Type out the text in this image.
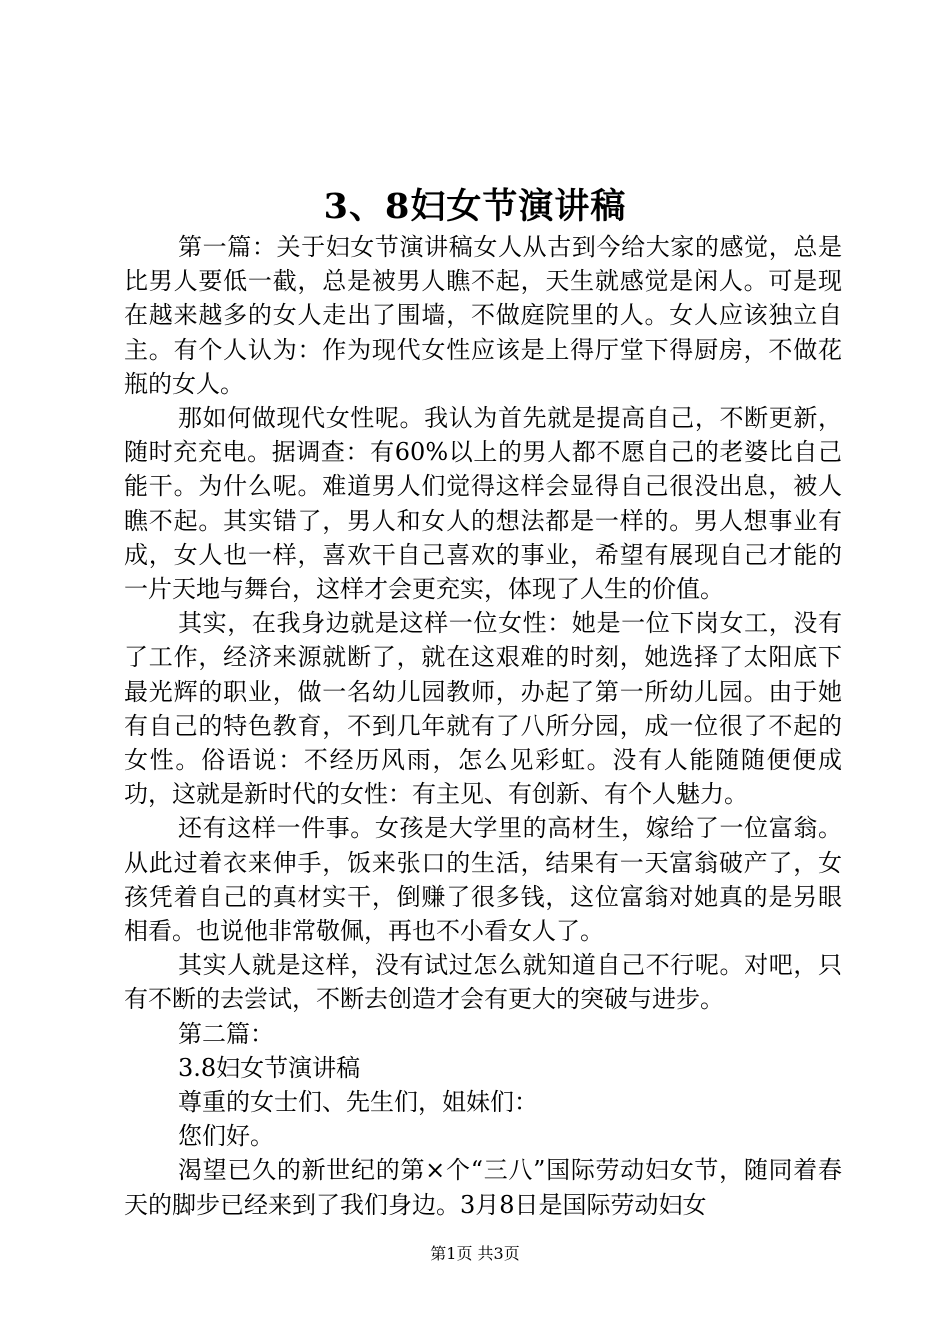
3、8妇女节演讲稿

第一篇：关于妇女节演讲稿女人从古到今给大家的感觉，总是比男人要低一截，总是被男人瞧不起，天生就感觉是闲人。可是现在越来越多的女人走出了围墙，不做庭院里的人。女人应该独立自主。有个人认为：作为现代女性应该是上得厅堂下得厨房，不做花瓶的女人。

那如何做现代女性呢。我认为首先就是提高自己，不断更新，随时充充电。据调查：有60%以上的男人都不愿自己的老婆比自己能干。为什么呢。难道男人们觉得这样会显得自己很没出息，被人瞧不起。其实错了，男人和女人的想法都是一样的。男人想事业有成，女人也一样，喜欢干自己喜欢的事业，希望有展现自己才能的一片天地与舞台，这样才会更充实，体现了人生的价值。

其实，在我身边就是这样一位女性：她是一位下岗女工，没有了工作，经济来源就断了，就在这艰难的时刻，她选择了太阳底下最光辉的职业，做一名幼儿园教师，办起了第一所幼儿园。由于她有自己的特色教育，不到几年就有了八所分园，成一位很了不起的女性。俗语说：不经历风雨，怎么见彩虹。没有人能随随便便成功，这就是新时代的女性：有主见、有创新、有个人魅力。

还有这样一件事。女孩是大学里的高材生，嫁给了一位富翁。从此过着衣来伸手，饭来张口的生活，结果有一天富翁破产了，女孩凭着自己的真材实干，倒赚了很多钱，这位富翁对她真的是另眼相看。也说他非常敬佩，再也不小看女人了。

其实人就是这样，没有试过怎么就知道自己不行呢。对吧，只有不断的去尝试，不断去创造才会有更大的突破与进步。

第二篇：

3.8妇女节演讲稿

尊重的女士们、先生们，姐妹们：

您们好。

渴望已久的新世纪的第×个“三八”国际劳动妇女节，随同着春天的脚步已经来到了我们身边。3月8日是国际劳动妇女

第1页 共3页
